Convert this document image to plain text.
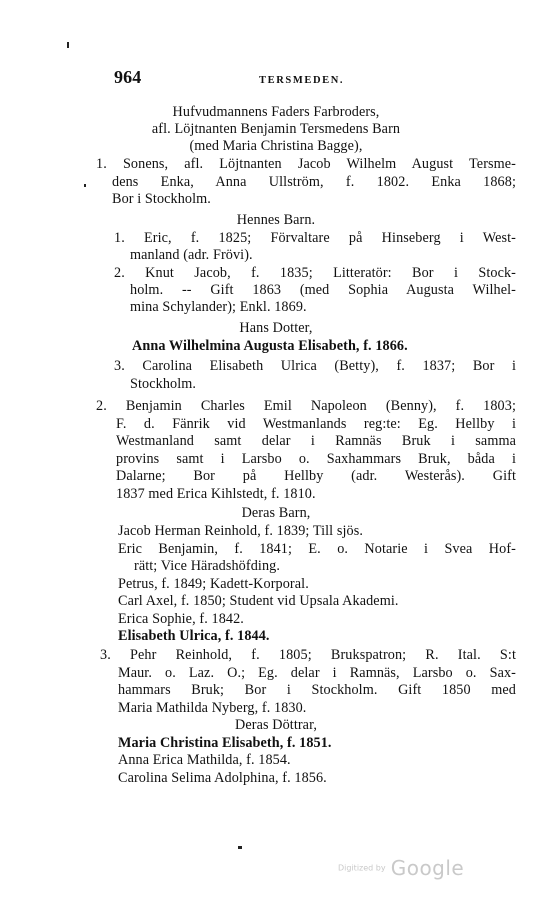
964	TERSMEDEN.
Hufvudmannens Faders Farbroders,
afl. Löjtnanten Benjamin Tersmedens Barn
(med Maria Christina Bagge),
1. Sonens, afl. Löjtnanten Jacob Wilhelm August Tersme-
dens Enka, Anna Ullström, f. 1802. Enka 1868;
Bor i Stockholm.
Hennes Barn.
1. Eric, f. 1825; Förvaltare på Hinseberg i West-
manland (adr. Frövi).
2. Knut Jacob, f. 1835; Litteratör: Bor i Stock-
holm. -- Gift 1863 (med Sophia Augusta Wilhel-
mina Schylander); Enkl. 1869.
Hans Dotter,
Anna Wilhelmina Augusta Elisabeth, f. 1866.
3. Carolina Elisabeth Ulrica (Betty), f. 1837; Bor i
Stockholm.
2. Benjamin Charles Emil Napoleon (Benny), f. 1803;
F. d. Fänrik vid Westmanlands reg:te: Eg. Hellby i
Westmanland samt delar i Ramnäs Bruk i samma
provins samt i Larsbo o. Saxhammars Bruk, båda i
Dalarne; Bor på Hellby (adr. Westerås). Gift
1837 med Erica Kihlstedt, f. 1810.
Deras Barn,
Jacob Herman Reinhold, f. 1839; Till sjös.
Eric Benjamin, f. 1841; E. o. Notarie i Svea Hof-
rätt; Vice Häradshöfding.
Petrus, f. 1849; Kadett-Korporal.
Carl Axel, f. 1850; Student vid Upsala Akademi.
Erica Sophie, f. 1842.
Elisabeth Ulrica, f. 1844.
3. Pehr Reinhold, f. 1805; Brukspatron; R. Ital. S:t
Maur. o. Laz. O.; Eg. delar i Ramnäs, Larsbo o. Sax-
hammars Bruk; Bor i Stockholm. Gift 1850 med
Maria Mathilda Nyberg, f. 1830.
Deras Döttrar,
Maria Christina Elisabeth, f. 1851.
Anna Erica Mathilda, f. 1854.
Carolina Selima Adolphina, f. 1856.
Digitized by Google
